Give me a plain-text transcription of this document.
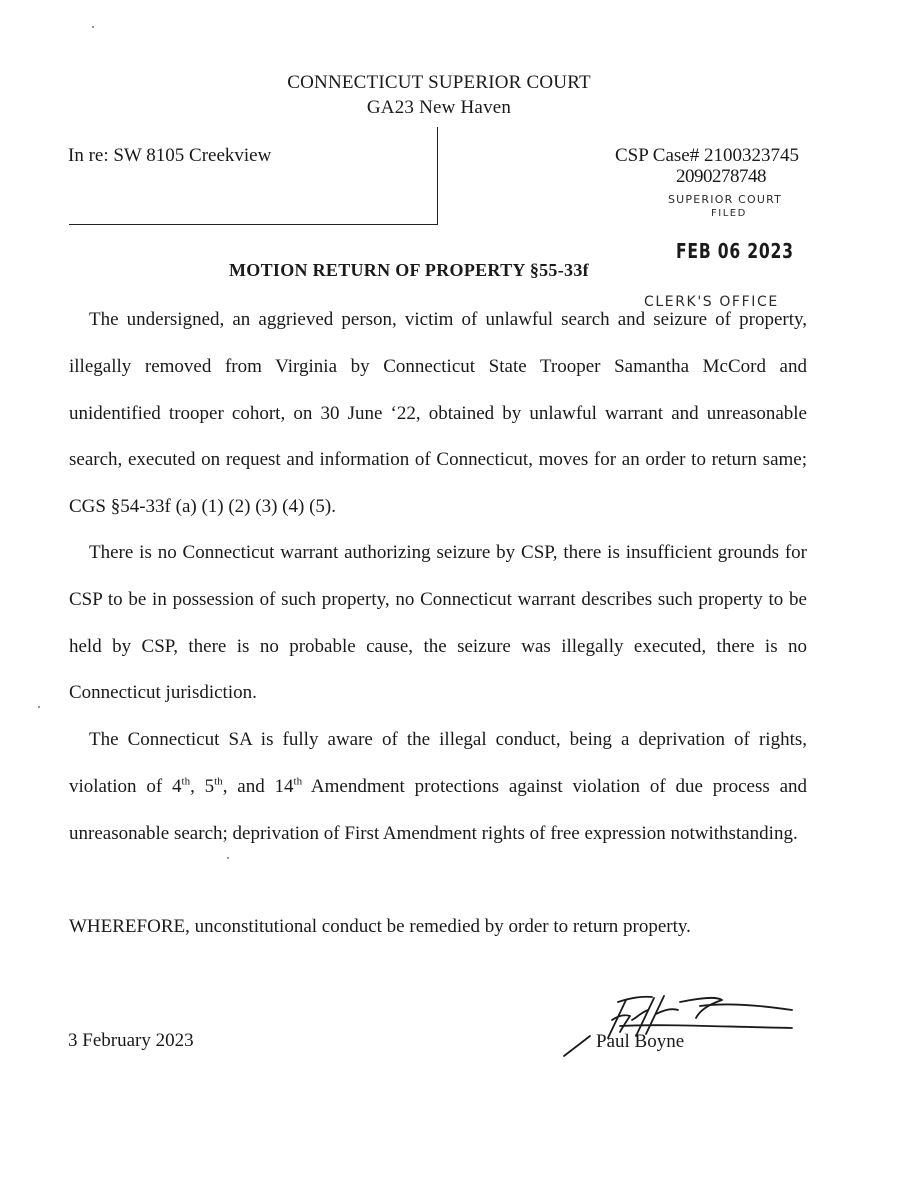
CONNECTICUT SUPERIOR COURT
GA23 New Haven
In re: SW 8105 Creekview	CSP Case# 2100323745
2090278748
SUPERIOR COURT
FILED
FEB 06 2023
CLERK'S OFFICE
MOTION RETURN OF PROPERTY §55-33f

The undersigned, an aggrieved person, victim of unlawful search and seizure of property, illegally removed from Virginia by Connecticut State Trooper Samantha McCord and unidentified trooper cohort, on 30 June ‘22, obtained by unlawful warrant and unreasonable search, executed on request and information of Connecticut, moves for an order to return same; CGS §54-33f (a) (1) (2) (3) (4) (5).

There is no Connecticut warrant authorizing seizure by CSP, there is insufficient grounds for CSP to be in possession of such property, no Connecticut warrant describes such property to be held by CSP, there is no probable cause, the seizure was illegally executed, there is no Connecticut jurisdiction.

The Connecticut SA is fully aware of the illegal conduct, being a deprivation of rights, violation of 4th, 5th, and 14th Amendment protections against violation of due process and unreasonable search; deprivation of First Amendment rights of free expression notwithstanding.

WHEREFORE, unconstitutional conduct be remedied by order to return property.

3 February 2023	Paul Boyne
